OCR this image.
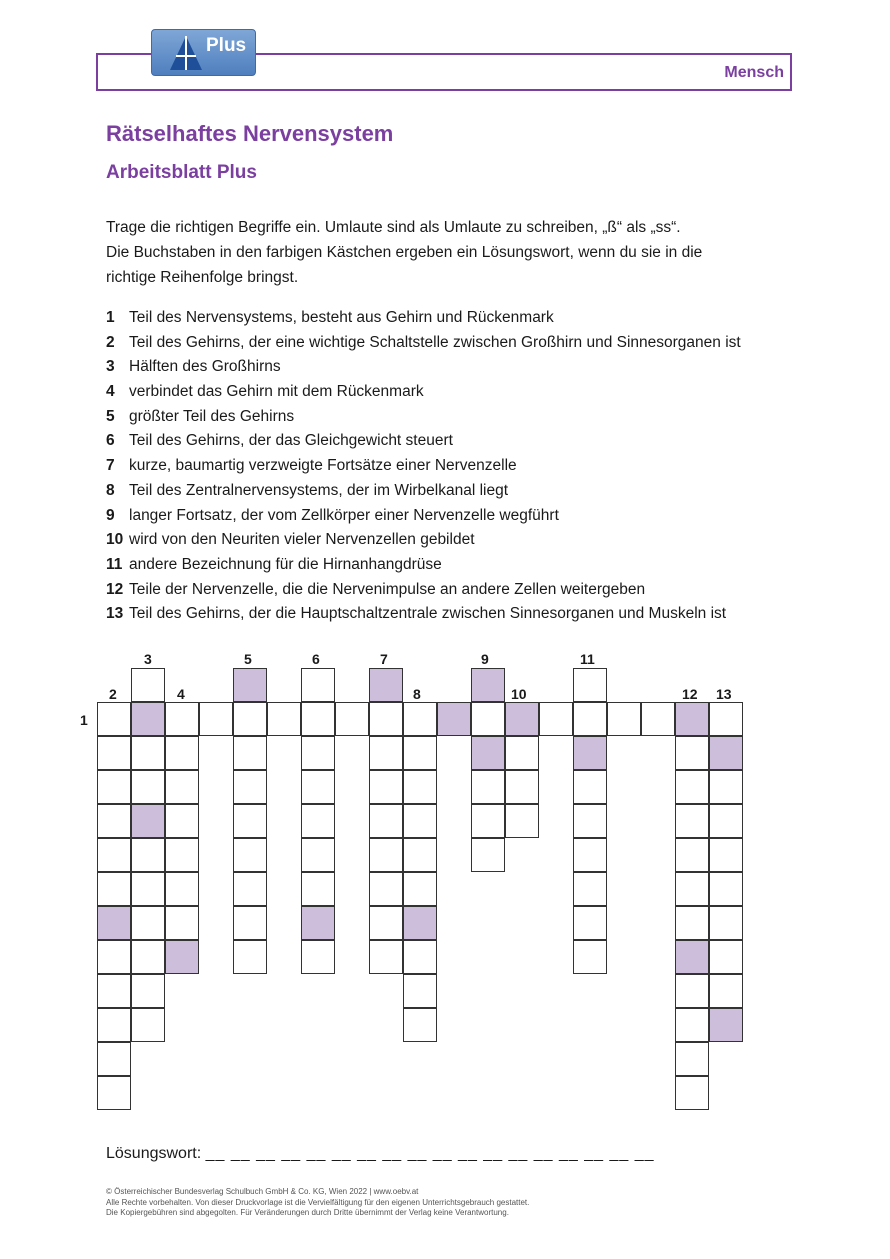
Plus
Mensch
Rätselhaftes Nervensystem
Arbeitsblatt Plus

Trage die richtigen Begriffe ein. Umlaute sind als Umlaute zu schreiben, „ß“ als „ss“.

Die Buchstaben in den farbigen Kästchen ergeben ein Lösungswort, wenn du sie in die

richtige Reihenfolge bringst.

1 Teil des Nervensystems, besteht aus Gehirn und Rückenmark
2 Teil des Gehirns, der eine wichtige Schaltstelle zwischen Großhirn und Sinnesorganen ist
3 Hälften des Großhirns
4 verbindet das Gehirn mit dem Rückenmark
5 größter Teil des Gehirns
6 Teil des Gehirns, der das Gleichgewicht steuert
7 kurze, baumartig verzweigte Fortsätze einer Nervenzelle
8 Teil des Zentralnervensystems, der im Wirbelkanal liegt
9 langer Fortsatz, der vom Zellkörper einer Nervenzelle wegführt
10 wird von den Neuriten vieler Nervenzellen gebildet
11 andere Bezeichnung für die Hirnanhangdrüse
12 Teile der Nervenzelle, die die Nervenimpulse an andere Zellen weitergeben
13 Teil des Gehirns, der die Hauptschaltzentrale zwischen Sinnesorganen und Muskeln ist
1
2
3
4
5	6	7
8
9
10
11
12 13
Lösungswort: __ __ __ __ __ __ __ __ __ __ __ __ __ __ __ __ __ __
© Österreichischer Bundesverlag Schulbuch GmbH & Co. KG, Wien 2022 | www.oebv.at
Alle Rechte vorbehalten. Von dieser Druckvorlage ist die Vervielfältigung für den eigenen Unterrichtsgebrauch gestattet.
Die Kopiergebühren sind abgegolten. Für Veränderungen durch Dritte übernimmt der Verlag keine Verantwortung.
